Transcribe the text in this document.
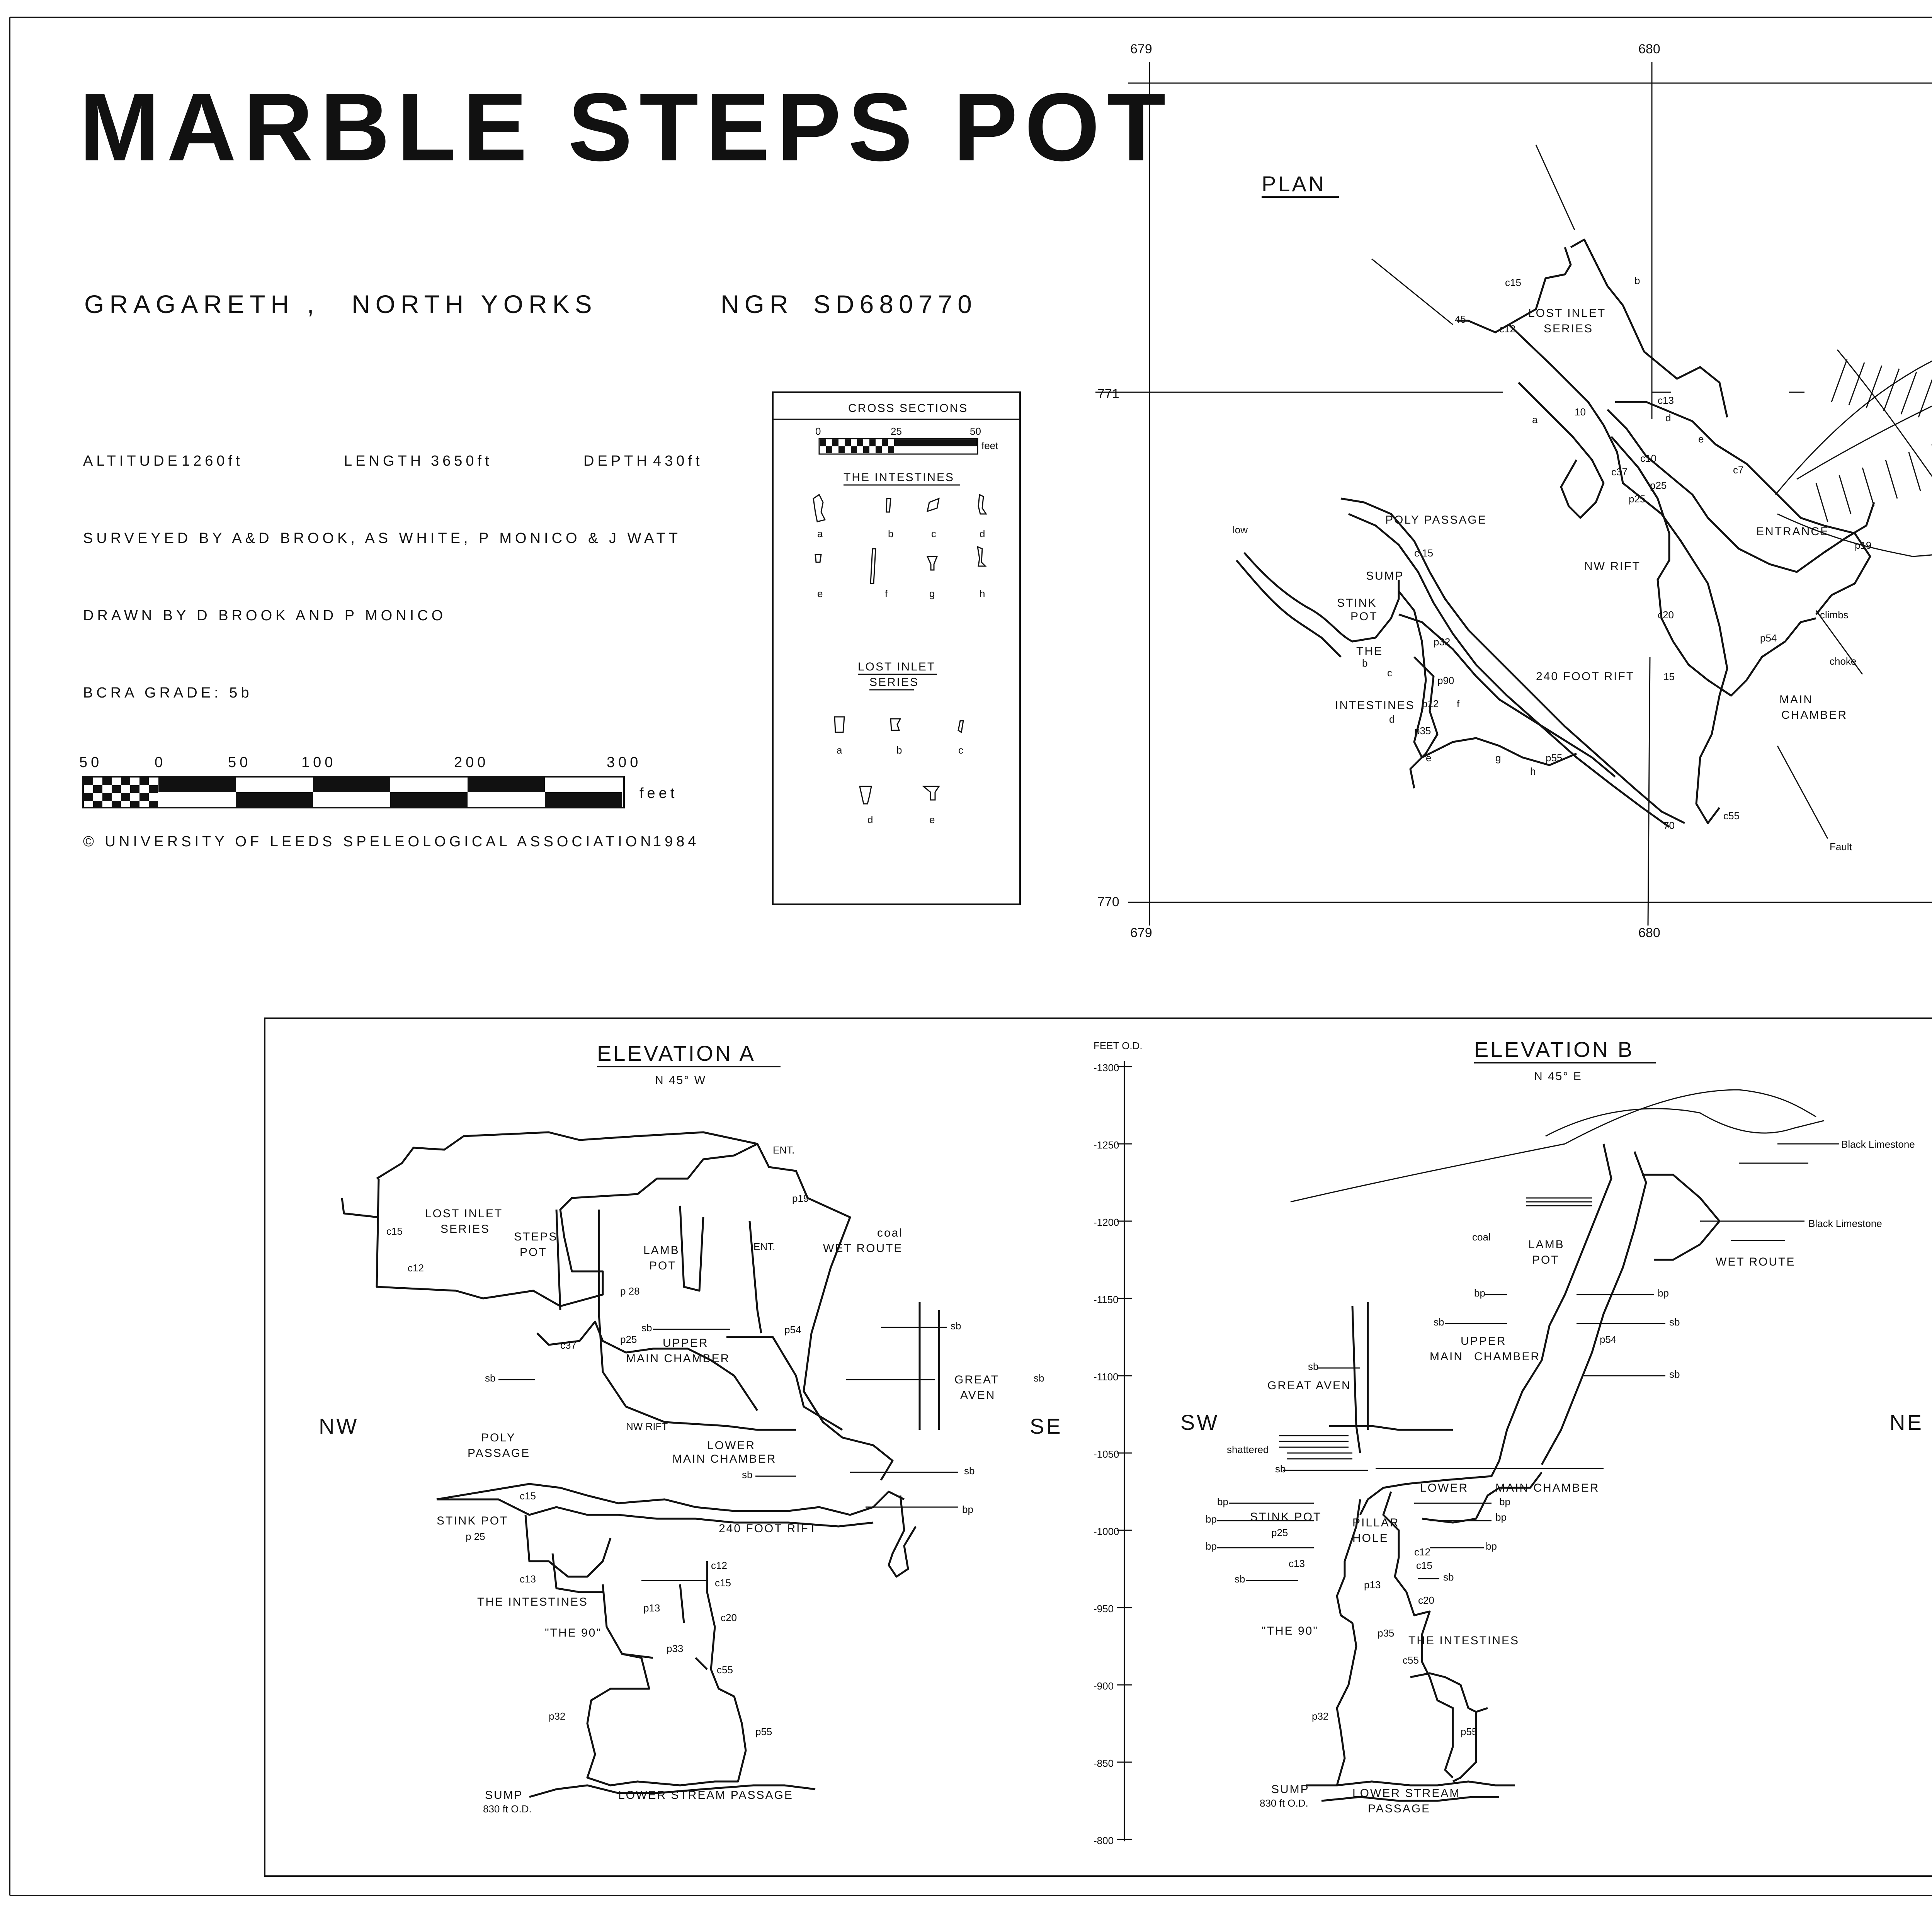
MARBLE STEPS POT
GRAGARETH , NORTH YORKS	NGR SD680770
ALTITUDE 1260ft	LENGTH 3650ft	DEPTH 430ft
SURVEYED BY A&D BROOK, AS WHITE, P MONICO & J WATT
DRAWN BY D BROOK AND P MONICO
BCRA GRADE: 5b
50	0	50	100	200	300
feet
© UNIVERSITY OF LEEDS SPELEOLOGICAL ASSOCIATION
1984
CROSS SECTIONS
0	25	50
feet
THE INTESTINES
a	b	c	d
e	f	g	h
LOST INLET
SERIES
a	b	c
d	e
679	680
679	680
771
770
PLAN
LOST INLET
SERIES
POLY PASSAGE
low
SUMP
STINK
POT
THE
INTESTINES
NW RIFT
240 FOOT RIFT
ENTRANCE
MAIN
CHAMBER
climbs
choke
Fault
c15
c12
c 15
c13
c10
c37	c7
c20
c55
p25
p25
p32
p90
p12
p35
p55
p19
p54
45
10
15
70
a
b
b
c
d
d
e
e
f
g
h
FEET O.D.
-1300
-1250
-1200
-1150
-1100
-1050
-1000
-950
-900
-850
-800
ELEVATION A
N 45° W
NW	SE
LOST INLET
SERIES
c15
c12
STEPS
POT	LAMB
POT
p 28
ENT.
ENT.
p19
coal
WET ROUTE
sb	sb
sb	sb
sb	sb
c37	p25 UPPER
MAIN CHAMBER
p54
GREAT
AVEN
NW RIFT
LOWER
MAIN CHAMBER
POLY
PASSAGE
c15
STINK POT
p 25
240 FOOT RIFT
bp
c13
THE INTESTINES
c12
c15
p13
c20
"THE 90"
p33
c55
p32
p55
SUMP
830 ft O.D.
LOWER STREAM PASSAGE
ELEVATION B
N 45° E
SW	NE
Black Limestone
Black Limestone
coal
LAMB
POT	WET ROUTE
bp	bp
sb	sb
p54
UPPER
MAIN CHAMBER
sb
sb
GREAT AVEN
shattered
sb
LOWER MAIN CHAMBER
bp	bp
bp	bp
bp	bp
STINK POT
p25
PILLAR
HOLE
c13
c12
c15
sb	sb
p13
c20
"THE 90"	p35
THE INTESTINES
c55
p32
p55
SUMP
830 ft O.D.
LOWER STREAM
PASSAGE
